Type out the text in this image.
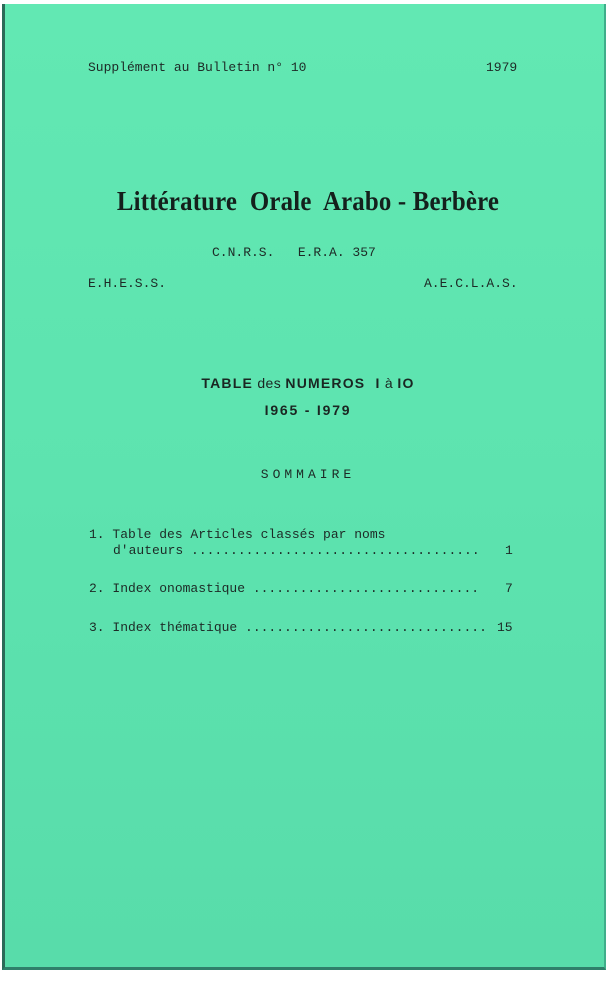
Supplément au Bulletin n° 10	1979
Littérature  Orale  Arabo - Berbère
C.N.R.S.   E.R.A. 357
E.H.E.S.S.	A.E.C.L.A.S.
TABLE des NUMEROS  I à IO
I965 - I979
SOMMAIRE
1. Table des Articles classés par noms
d'auteurs ..................................... 1
2. Index onomastique ............................. 7
3. Index thématique ............................... 15
